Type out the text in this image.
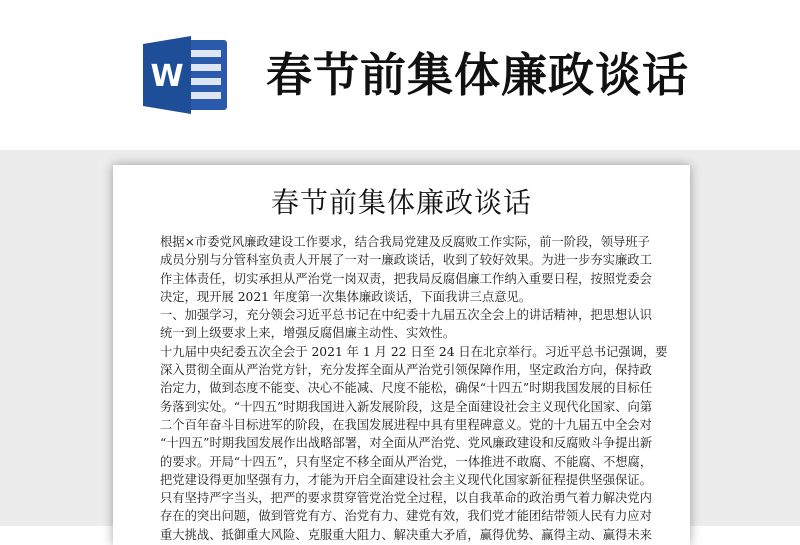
W 春节前集体廉政谈话
春节前集体廉政谈话
根据×市委党风廉政建设工作要求，结合我局党建及反腐败工作实际，前一阶段，领导班子
成员分别与分管科室负责人开展了一对一廉政谈话，收到了较好效果。为进一步夯实廉政工
作主体责任，切实承担从严治党一岗双责，把我局反腐倡廉工作纳入重要日程，按照党委会
决定，现开展 2021 年度第一次集体廉政谈话，下面我讲三点意见。
一、加强学习，充分领会习近平总书记在中纪委十九届五次全会上的讲话精神，把思想认识
统一到上级要求上来，增强反腐倡廉主动性、实效性。
十九届中央纪委五次全会于 2021 年 1 月 22 日至 24 日在北京举行。习近平总书记强调，要
深入贯彻全面从严治党方针，充分发挥全面从严治党引领保障作用，坚定政治方向，保持政
治定力，做到态度不能变、决心不能减、尺度不能松，确保“十四五”时期我国发展的目标任
务落到实处。“十四五”时期我国进入新发展阶段，这是全面建设社会主义现代化国家、向第
二个百年奋斗目标进军的阶段，在我国发展进程中具有里程碑意义。党的十九届五中全会对
“十四五”时期我国发展作出战略部署，对全面从严治党、党风廉政建设和反腐败斗争提出新
的要求。开局“十四五”，只有坚定不移全面从严治党，一体推进不敢腐、不能腐、不想腐，
把党建设得更加坚强有力，才能为开启全面建设社会主义现代化国家新征程提供坚强保证。
只有坚持严字当头，把严的要求贯穿管党治党全过程，以自我革命的政治勇气着力解决党内
存在的突出问题，做到管党有方、治党有力、建党有效，我们党才能团结带领人民有力应对
重大挑战、抵御重大风险、克服重大阻力、解决重大矛盾，赢得优势、赢得主动、赢得未来
